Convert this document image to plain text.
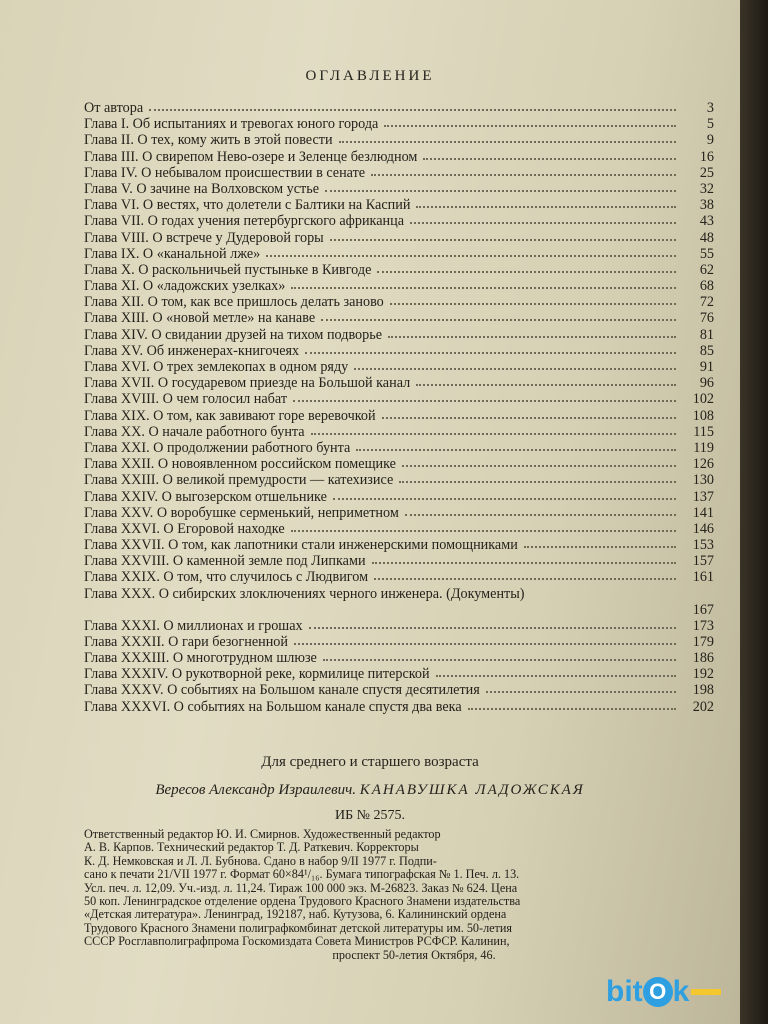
ОГЛАВЛЕНИЕ
От автора	3
Глава I. Об испытаниях и тревогах юного города	5
Глава II. О тех, кому жить в этой повести	9
Глава III. О свирепом Нево-озере и Зеленце безлюдном	16
Глава IV. О небывалом происшествии в сенате	25
Глава V. О зачине на Волховском устье	32
Глава VI. О вестях, что долетели с Балтики на Каспий	38
Глава VII. О годах учения петербургского африканца	43
Глава VIII. О встрече у Дудеровой горы	48
Глава IX. О «канальной лже»	55
Глава X. О раскольничьей пустыньке в Кивгоде	62
Глава XI. О «ладожских узелках»	68
Глава XII. О том, как все пришлось делать заново	72
Глава XIII. О «новой метле» на канаве	76
Глава XIV. О свидании друзей на тихом подворье	81
Глава XV. Об инженерах-книгочеях	85
Глава XVI. О трех землекопах в одном ряду	91
Глава XVII. О государевом приезде на Большой канал	96
Глава XVIII. О чем голосил набат	102
Глава XIX. О том, как завивают горе веревочкой	108
Глава XX. О начале работного бунта	115
Глава XXI. О продолжении работного бунта	119
Глава XXII. О новоявленном российском помещике	126
Глава XXIII. О великой премудрости — катехизисе	130
Глава XXIV. О выгозерском отшельнике	137
Глава XXV. О воробушке серменький, неприметном	141
Глава XXVI. О Егоровой находке	146
Глава XXVII. О том, как лапотники стали инженерскими помощниками	153
Глава XXVIII. О каменной земле под Липками	157
Глава XXIX. О том, что случилось с Людвигом	161
Глава XXX. О сибирских злоключениях черного инженера. (Документы)
167
Глава XXXI. О миллионах и грошах	173
Глава XXXII. О гари безогненной	179
Глава XXXIII. О многотрудном шлюзе	186
Глава XXXIV. О рукотворной реке, кормилице питерской	192
Глава XXXV. О событиях на Большом канале спустя десятилетия	198
Глава XXXVI. О событиях на Большом канале спустя два века	202
Для среднего и старшего возраста
Вересов Александр Израилевич. КАНАВУШКА ЛАДОЖСКАЯ
ИБ № 2575.
Ответственный редактор Ю. И. Смирнов. Художественный редактор
А. В. Карпов. Технический редактор Т. Д. Раткевич. Корректоры
К. Д. Немковская и Л. Л. Бубнова. Сдано в набор 9/II 1977 г. Подпи-
сано к печати 21/VII 1977 г. Формат 60×84¹/₁₆. Бумага типографская № 1. Печ. л. 13.
Усл. печ. л. 12,09. Уч.-изд. л. 11,24. Тираж 100 000 экз. М-26823. Заказ № 624. Цена
50 коп. Ленинградское отделение ордена Трудового Красного Знамени издательства
«Детская литература». Ленинград, 192187, наб. Кутузова, 6. Калининский ордена
Трудового Красного Знамени полиграфкомбинат детской литературы им. 50-летия
СССР Росглавполиграфпрома Госкомиздата Совета Министров РСФСР. Калинин,
проспект 50-летия Октября, 46.
bit O k
